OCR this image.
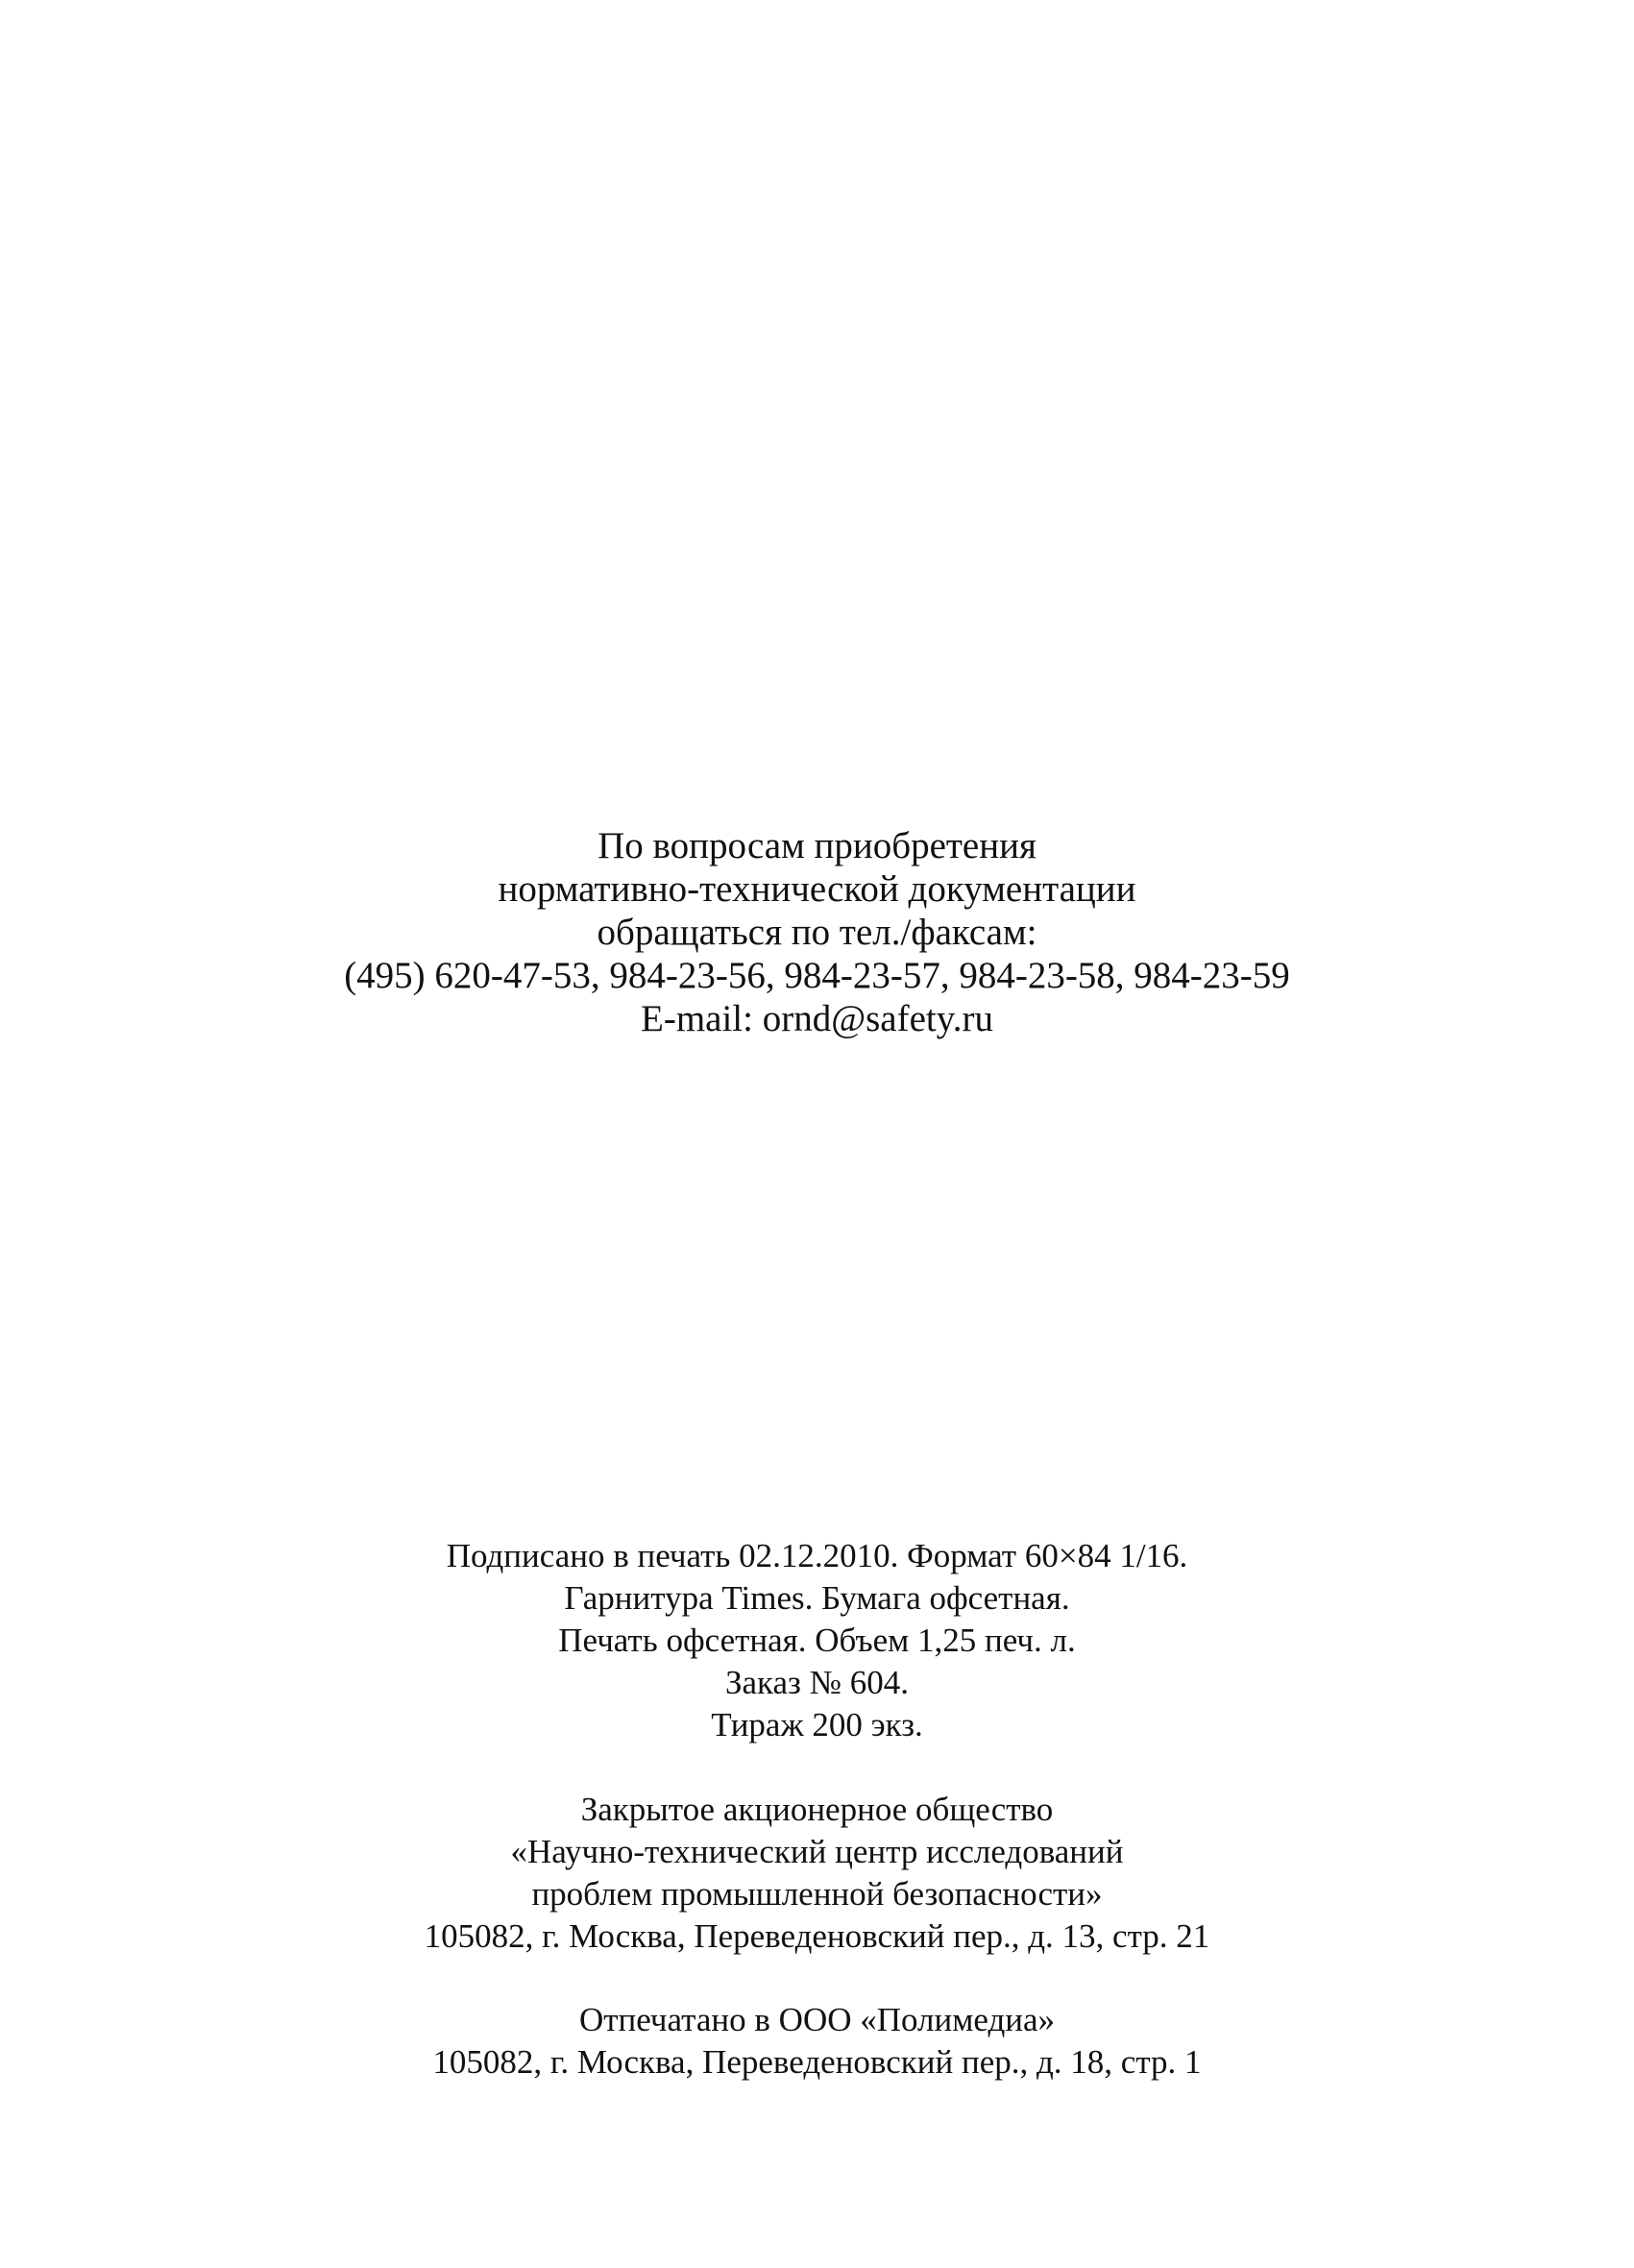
По вопросам приобретения
нормативно-технической документации
обращаться по тел./факсам:
(495) 620-47-53, 984-23-56, 984-23-57, 984-23-58, 984-23-59
E-mail: ornd@safety.ru
Подписано в печать 02.12.2010. Формат 60×84 1/16.
Гарнитура Times. Бумага офсетная.
Печать офсетная. Объем 1,25 печ. л.
Заказ № 604.
Тираж 200 экз.
Закрытое акционерное общество
«Научно-технический центр исследований
проблем промышленной безопасности»
105082, г. Москва, Переведеновский пер., д. 13, стр. 21
Отпечатано в ООО «Полимедиа»
105082, г. Москва, Переведеновский пер., д. 18, стр. 1
